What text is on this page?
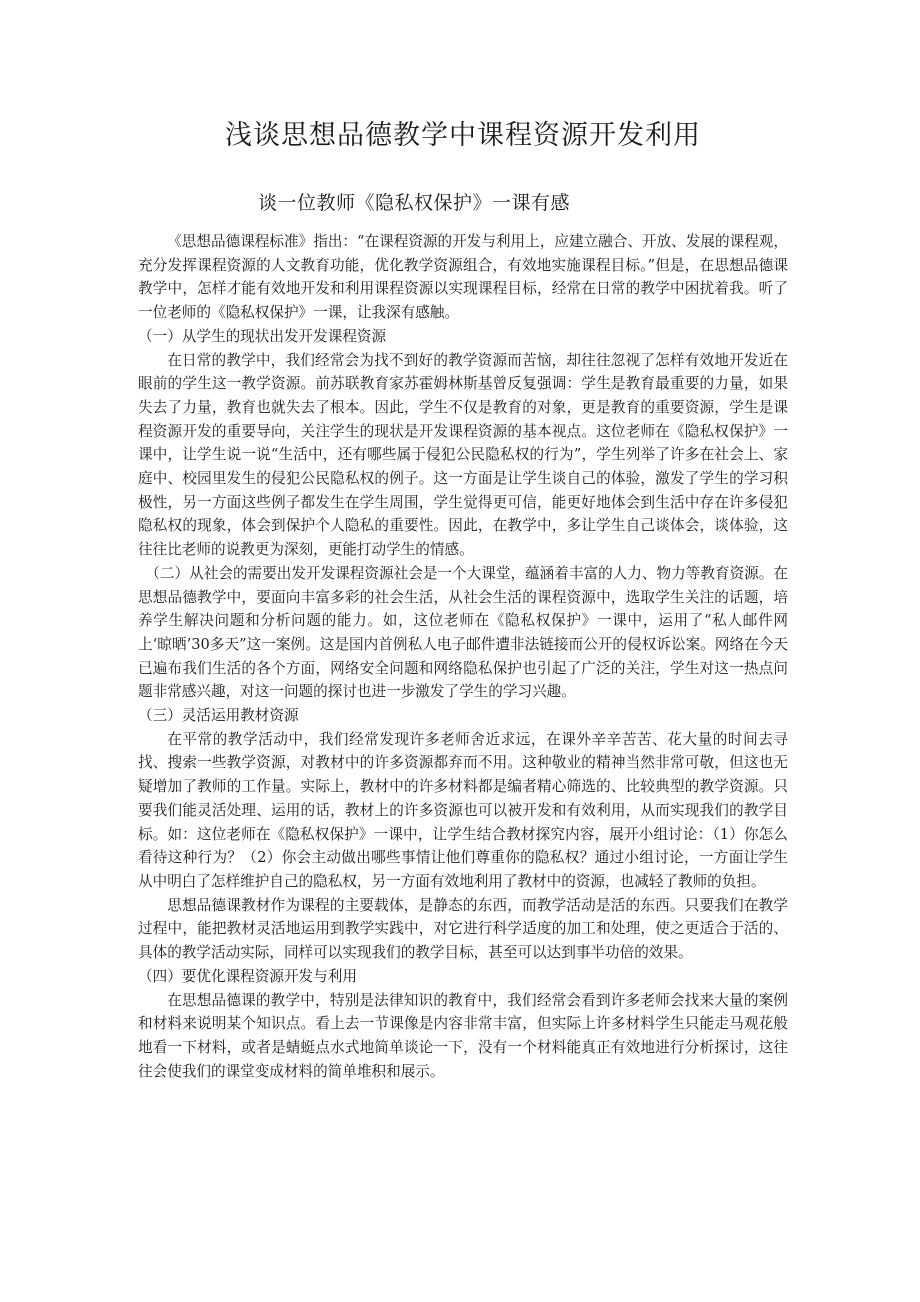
浅谈思想品德教学中课程资源开发利用
谈一位教师《隐私权保护》一课有感

《思想品德课程标准》指出：“在课程资源的开发与利用上，应建立融合、开放、发展的课程观，充分发挥课程资源的人文教育功能，优化教学资源组合，有效地实施课程目标。”但是，在思想品德课教学中，怎样才能有效地开发和利用课程资源以实现课程目标，经常在日常的教学中困扰着我。听了一位老师的《隐私权保护》一课，让我深有感触。

（一）从学生的现状出发开发课程资源

在日常的教学中，我们经常会为找不到好的教学资源而苦恼，却往往忽视了怎样有效地开发近在眼前的学生这一教学资源。前苏联教育家苏霍姆林斯基曾反复强调：学生是教育最重要的力量，如果失去了力量，教育也就失去了根本。因此，学生不仅是教育的对象，更是教育的重要资源，学生是课程资源开发的重要导向，关注学生的现状是开发课程资源的基本视点。这位老师在《隐私权保护》一课中，让学生说一说“生活中，还有哪些属于侵犯公民隐私权的行为”，学生列举了许多在社会上、家庭中、校园里发生的侵犯公民隐私权的例子。这一方面是让学生谈自己的体验，激发了学生的学习积极性，另一方面这些例子都发生在学生周围，学生觉得更可信，能更好地体会到生活中存在许多侵犯隐私权的现象，体会到保护个人隐私的重要性。因此，在教学中，多让学生自己谈体会，谈体验，这往往比老师的说教更为深刻，更能打动学生的情感。

（二）从社会的需要出发开发课程资源社会是一个大课堂，蕴涵着丰富的人力、物力等教育资源。在思想品德教学中，要面向丰富多彩的社会生活，从社会生活的课程资源中，选取学生关注的话题，培养学生解决问题和分析问题的能力。如，这位老师在《隐私权保护》一课中，运用了“私人邮件网上‘晾晒’30多天”这一案例。这是国内首例私人电子邮件遭非法链接而公开的侵权诉讼案。网络在今天已遍布我们生活的各个方面，网络安全问题和网络隐私保护也引起了广泛的关注，学生对这一热点问题非常感兴趣，对这一问题的探讨也进一步激发了学生的学习兴趣。

（三）灵活运用教材资源

在平常的教学活动中，我们经常发现许多老师舍近求远，在课外辛辛苦苦、花大量的时间去寻找、搜索一些教学资源，对教材中的许多资源都弃而不用。这种敬业的精神当然非常可敬，但这也无疑增加了教师的工作量。实际上，教材中的许多材料都是编者精心筛选的、比较典型的教学资源。只要我们能灵活处理、运用的话，教材上的许多资源也可以被开发和有效利用，从而实现我们的教学目标。如：这位老师在《隐私权保护》一课中，让学生结合教材探究内容，展开小组讨论：（1）你怎么看待这种行为？（2）你会主动做出哪些事情让他们尊重你的隐私权？通过小组讨论，一方面让学生从中明白了怎样维护自己的隐私权，另一方面有效地利用了教材中的资源，也减轻了教师的负担。

思想品德课教材作为课程的主要载体，是静态的东西，而教学活动是活的东西。只要我们在教学过程中，能把教材灵活地运用到教学实践中，对它进行科学适度的加工和处理，使之更适合于活的、具体的教学活动实际，同样可以实现我们的教学目标，甚至可以达到事半功倍的效果。

（四）要优化课程资源开发与利用

在思想品德课的教学中，特别是法律知识的教育中，我们经常会看到许多老师会找来大量的案例和材料来说明某个知识点。看上去一节课像是内容非常丰富，但实际上许多材料学生只能走马观花般地看一下材料，或者是蜻蜓点水式地简单谈论一下，没有一个材料能真正有效地进行分析探讨，这往往会使我们的课堂变成材料的简单堆积和展示。
